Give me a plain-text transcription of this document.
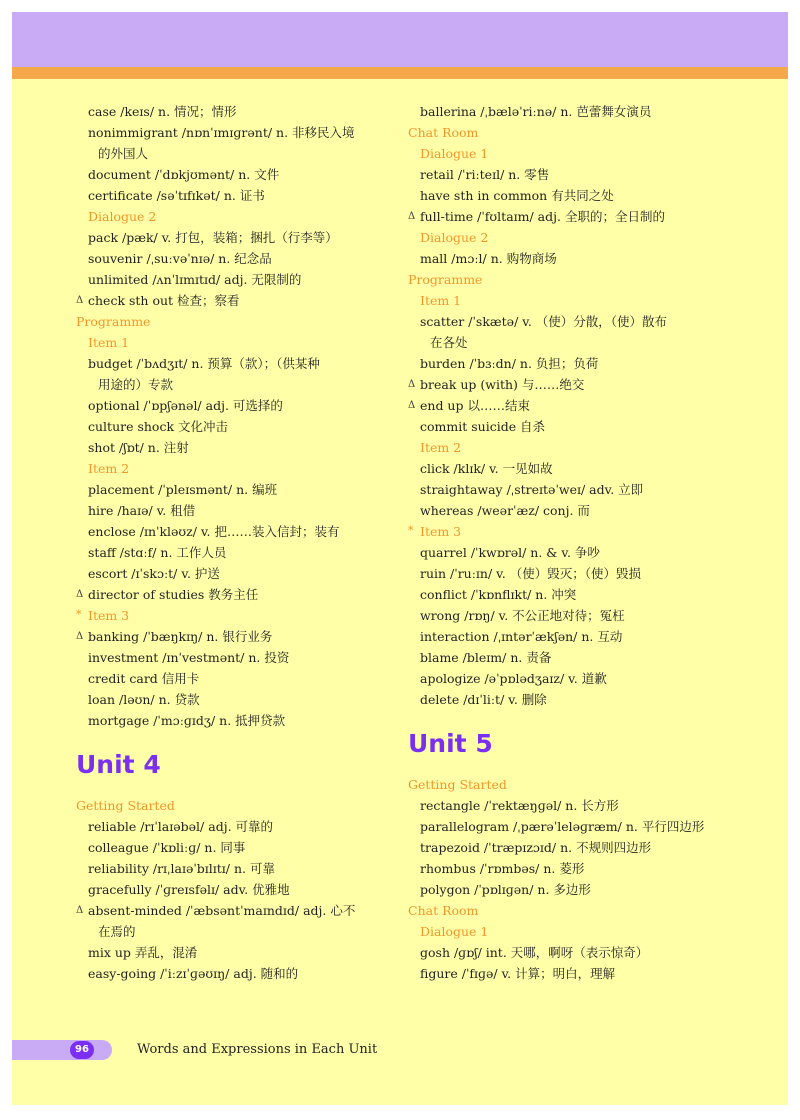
case /keɪs/ n. 情况；情形
nonimmigrant /nɒnˈɪmɪɡrənt/ n. 非移民入境
的外国人
document /ˈdɒkjʊmənt/ n. 文件
certificate /səˈtɪfɪkət/ n. 证书
Dialogue 2
pack /pæk/ v. 打包，装箱；捆扎（行李等）
souvenir /ˌsuːvəˈnɪə/ n. 纪念品
unlimited /ʌnˈlɪmɪtɪd/ adj. 无限制的
Δ check sth out 检查；察看
Programme
Item 1
budget /ˈbʌdʒɪt/ n. 预算（款）；（供某种
用途的）专款
optional /ˈɒpʃənəl/ adj. 可选择的
culture shock 文化冲击
shot /ʃɒt/ n. 注射
Item 2
placement /ˈpleɪsmənt/ n. 编班
hire /haɪə/ v. 租借
enclose /ɪnˈkləʊz/ v. 把……装入信封；装有
staff /stɑːf/ n. 工作人员
escort /ɪˈskɔːt/ v. 护送
Δ director of studies 教务主任
* Item 3
Δ banking /ˈbæŋkɪŋ/ n. 银行业务
investment /ɪnˈvestmənt/ n. 投资
credit card 信用卡
loan /ləʊn/ n. 贷款
mortgage /ˈmɔːɡɪdʒ/ n. 抵押贷款
Unit 4
Getting Started
reliable /rɪˈlaɪəbəl/ adj. 可靠的
colleague /ˈkɒliːɡ/ n. 同事
reliability /rɪˌlaɪəˈbɪlɪtɪ/ n. 可靠
gracefully /ˈɡreɪsfəlɪ/ adv. 优雅地
Δ absent-minded /ˈæbsəntˈmaɪndɪd/ adj. 心不
在焉的
mix up 弄乱，混淆
easy-going /ˈiːzɪˈɡəʊɪŋ/ adj. 随和的
ballerina /ˌbæləˈriːnə/ n. 芭蕾舞女演员
Chat Room
Dialogue 1
retail /ˈriːteɪl/ n. 零售
have sth in common 有共同之处
Δ full-time /ˈfʊltaɪm/ adj. 全职的；全日制的
Dialogue 2
mall /mɔːl/ n. 购物商场
Programme
Item 1
scatter /ˈskætə/ v. （使）分散，（使）散布
在各处
burden /ˈbɜːdn/ n. 负担；负荷
Δ break up (with) 与……绝交
Δ end up 以……结束
commit suicide 自杀
Item 2
click /klɪk/ v. 一见如故
straightaway /ˌstreɪtəˈweɪ/ adv. 立即
whereas /weərˈæz/ conj. 而
* Item 3
quarrel /ˈkwɒrəl/ n. & v. 争吵
ruin /ˈruːɪn/ v. （使）毁灭；（使）毁损
conflict /ˈkɒnflɪkt/ n. 冲突
wrong /rɒŋ/ v. 不公正地对待；冤枉
interaction /ˌɪntərˈækʃən/ n. 互动
blame /bleɪm/ n. 责备
apologize /əˈpɒlədʒaɪz/ v. 道歉
delete /dɪˈliːt/ v. 删除
Unit 5
Getting Started
rectangle /ˈrektæŋɡəl/ n. 长方形
parallelogram /ˌpærəˈleləɡræm/ n. 平行四边形
trapezoid /ˈtræpɪzɔɪd/ n. 不规则四边形
rhombus /ˈrɒmbəs/ n. 菱形
polygon /ˈpɒlɪɡən/ n. 多边形
Chat Room
Dialogue 1
gosh /ɡɒʃ/ int. 天哪，啊呀（表示惊奇）
figure /ˈfɪɡə/ v. 计算；明白，理解
96	Words and Expressions in Each Unit
